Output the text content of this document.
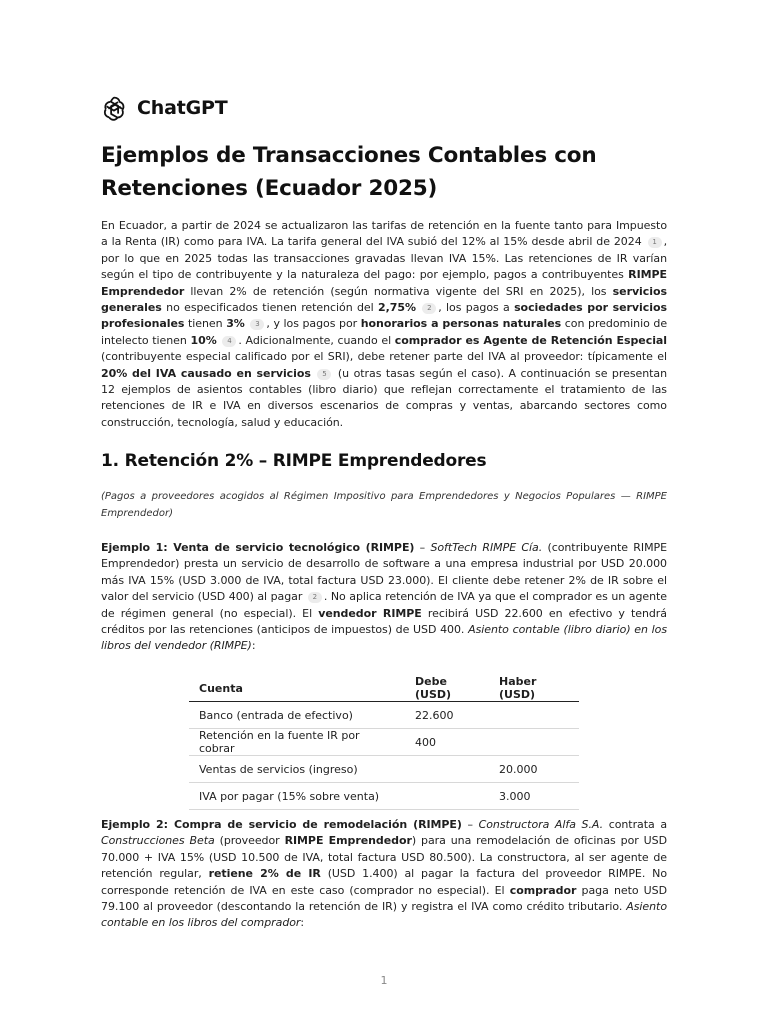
ChatGPT
Ejemplos de Transacciones Contables con Retenciones (Ecuador 2025)

En Ecuador, a partir de 2024 se actualizaron las tarifas de retención en la fuente tanto para Impuesto a la Renta (IR) como para IVA. La tarifa general del IVA subió del 12% al 15% desde abril de 2024 1 , por lo que en 2025 todas las transacciones gravadas llevan IVA 15%. Las retenciones de IR varían según el tipo de contribuyente y la naturaleza del pago: por ejemplo, pagos a contribuyentes RIMPE Emprendedor llevan 2% de retención (según normativa vigente del SRI en 2025), los servicios generales no especificados tienen retención del 2,75% 2 , los pagos a sociedades por servicios profesionales tienen 3% 3 , y los pagos por honorarios a personas naturales con predominio de intelecto tienen 10% 4 . Adicionalmente, cuando el comprador es Agente de Retención Especial (contribuyente especial calificado por el SRI), debe retener parte del IVA al proveedor: típicamente el 20% del IVA causado en servicios 5 (u otras tasas según el caso). A continuación se presentan 12 ejemplos de asientos contables (libro diario) que reflejan correctamente el tratamiento de las retenciones de IR e IVA en diversos escenarios de compras y ventas, abarcando sectores como construcción, tecnología, salud y educación.

1. Retención 2% – RIMPE Emprendedores

(Pagos a proveedores acogidos al Régimen Impositivo para Emprendedores y Negocios Populares — RIMPE Emprendedor)

Ejemplo 1: Venta de servicio tecnológico (RIMPE) – SoftTech RIMPE Cía. (contribuyente RIMPE Emprendedor) presta un servicio de desarrollo de software a una empresa industrial por USD 20.000 más IVA 15% (USD 3.000 de IVA, total factura USD 23.000). El cliente debe retener 2% de IR sobre el valor del servicio (USD 400) al pagar 2 . No aplica retención de IVA ya que el comprador es un agente de régimen general (no especial). El vendedor RIMPE recibirá USD 22.600 en efectivo y tendrá créditos por las retenciones (anticipos de impuestos) de USD 400. Asiento contable (libro diario) en los libros del vendedor (RIMPE):

Cuenta	Debe (USD)	Haber (USD)
Banco (entrada de efectivo)	22.600	
Retención en la fuente IR por cobrar	400	
Ventas de servicios (ingreso)		20.000
IVA por pagar (15% sobre venta)		3.000

Ejemplo 2: Compra de servicio de remodelación (RIMPE) – Constructora Alfa S.A. contrata a Construcciones Beta (proveedor RIMPE Emprendedor) para una remodelación de oficinas por USD 70.000 + IVA 15% (USD 10.500 de IVA, total factura USD 80.500). La constructora, al ser agente de retención regular, retiene 2% de IR (USD 1.400) al pagar la factura del proveedor RIMPE. No corresponde retención de IVA en este caso (comprador no especial). El comprador paga neto USD 79.100 al proveedor (descontando la retención de IR) y registra el IVA como crédito tributario. Asiento contable en los libros del comprador:

1
